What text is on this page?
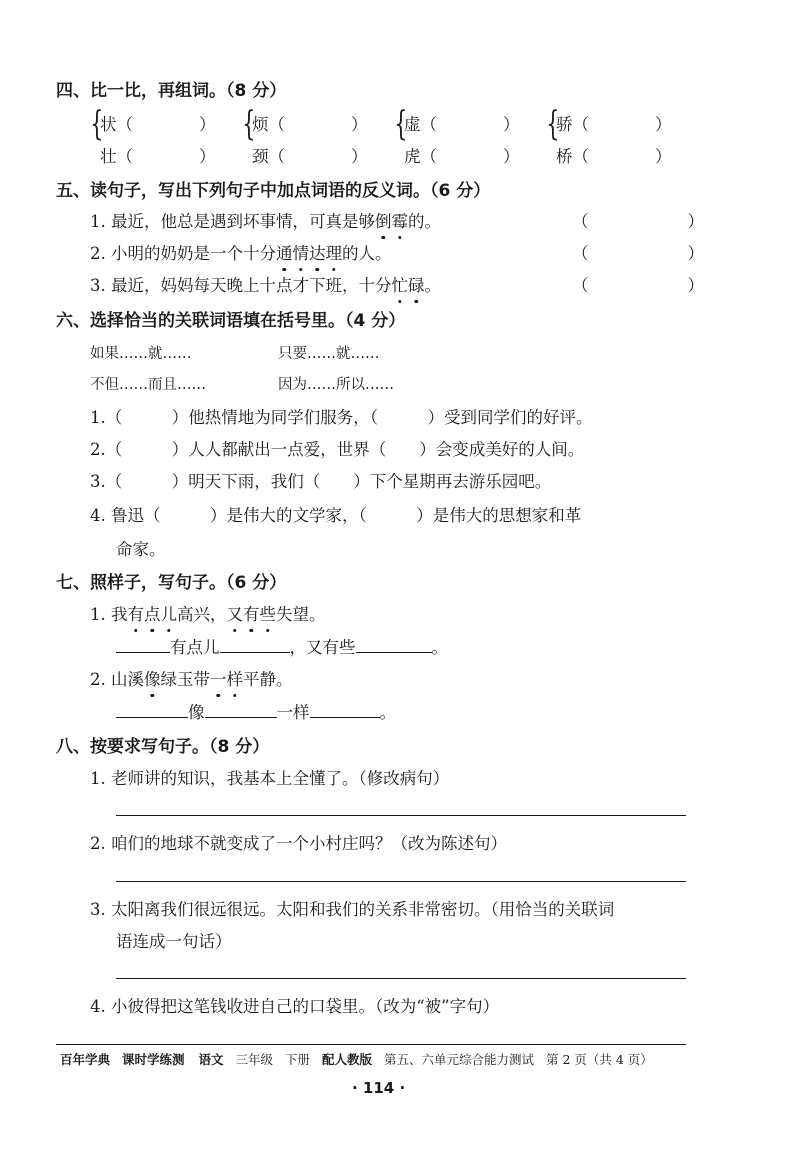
四、比一比，再组词。（8 分）
{
状（　　　　）
壮（　　　　）
{
烦（　　　　）
颈（　　　　）
{
虚（　　　　）
虎（　　　　）
{
骄（　　　　）
桥（　　　　）
五、读句子，写出下列句子中加点词语的反义词。（6 分）
1. 最近，他总是遇到坏事情，可真是够倒霉的。	（　　　　　　）
2. 小明的奶奶是一个十分通情达理的人。	（　　　　　　）
3. 最近，妈妈每天晚上十点才下班，十分忙碌。	（　　　　　　）
六、选择恰当的关联词语填在括号里。（4 分）
如果……就……	只要……就……
不但……而且……	因为……所以……
1.（　　　）他热情地为同学们服务，（　　　）受到同学们的好评。
2.（　　　）人人都献出一点爱，世界（　　）会变成美好的人间。
3.（　　　）明天下雨，我们（　　）下个星期再去游乐园吧。
4. 鲁迅（　　　）是伟大的文学家，（　　　）是伟大的思想家和革
命家。
七、照样子，写句子。（6 分）
1. 我有点儿高兴，又有些失望。
有点儿	，又有些	。
2. 山溪像绿玉带一样平静。
像	一样	。
八、按要求写句子。（8 分）
1. 老师讲的知识，我基本上全懂了。（修改病句）
2. 咱们的地球不就变成了一个小村庄吗？（改为陈述句）
3. 太阳离我们很远很远。太阳和我们的关系非常密切。（用恰当的关联词
语连成一句话）
4. 小彼得把这笔钱收进自己的口袋里。（改为“被”字句）
百年学典 课时学练测 语文 三年级 下册 配人教版 第五、六单元综合能力测试 第 2 页（共 4 页）
· 114 ·
